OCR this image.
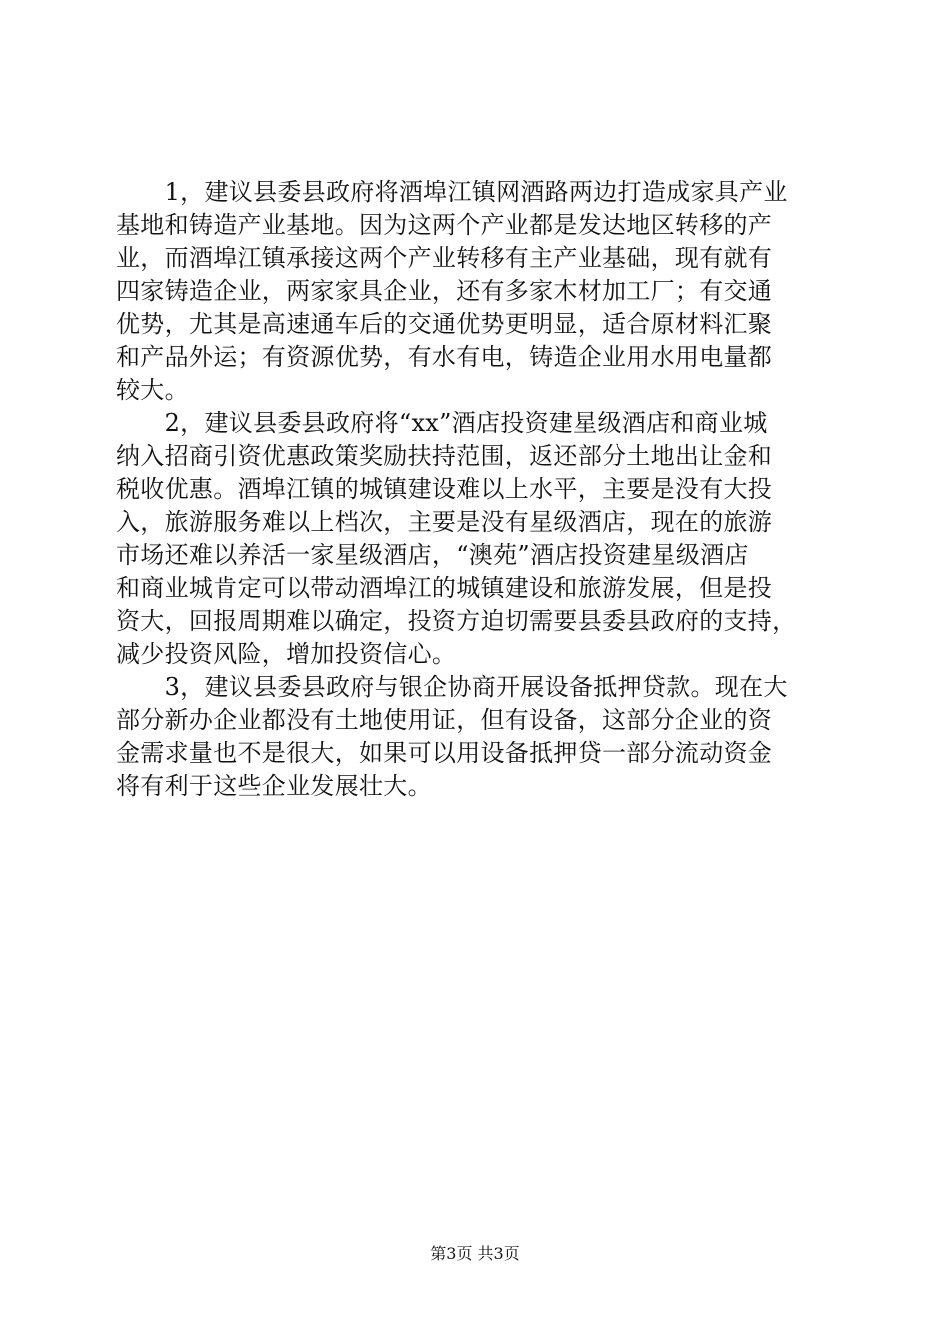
　　1，建议县委县政府将酒埠江镇网酒路两边打造成家具产业
基地和铸造产业基地。因为这两个产业都是发达地区转移的产
业，而酒埠江镇承接这两个产业转移有主产业基础，现有就有
四家铸造企业，两家家具企业，还有多家木材加工厂；有交通
优势，尤其是高速通车后的交通优势更明显，适合原材料汇聚
和产品外运；有资源优势，有水有电，铸造企业用水用电量都
较大。
　　2，建议县委县政府将“xx”酒店投资建星级酒店和商业城
纳入招商引资优惠政策奖励扶持范围，返还部分土地出让金和
税收优惠。酒埠江镇的城镇建设难以上水平，主要是没有大投
入，旅游服务难以上档次，主要是没有星级酒店，现在的旅游
市场还难以养活一家星级酒店，“澳苑”酒店投资建星级酒店
和商业城肯定可以带动酒埠江的城镇建设和旅游发展，但是投
资大，回报周期难以确定，投资方迫切需要县委县政府的支持，
减少投资风险，增加投资信心。
　　3，建议县委县政府与银企协商开展设备抵押贷款。现在大
部分新办企业都没有土地使用证，但有设备，这部分企业的资
金需求量也不是很大，如果可以用设备抵押贷一部分流动资金
将有利于这些企业发展壮大。
第3页 共3页
